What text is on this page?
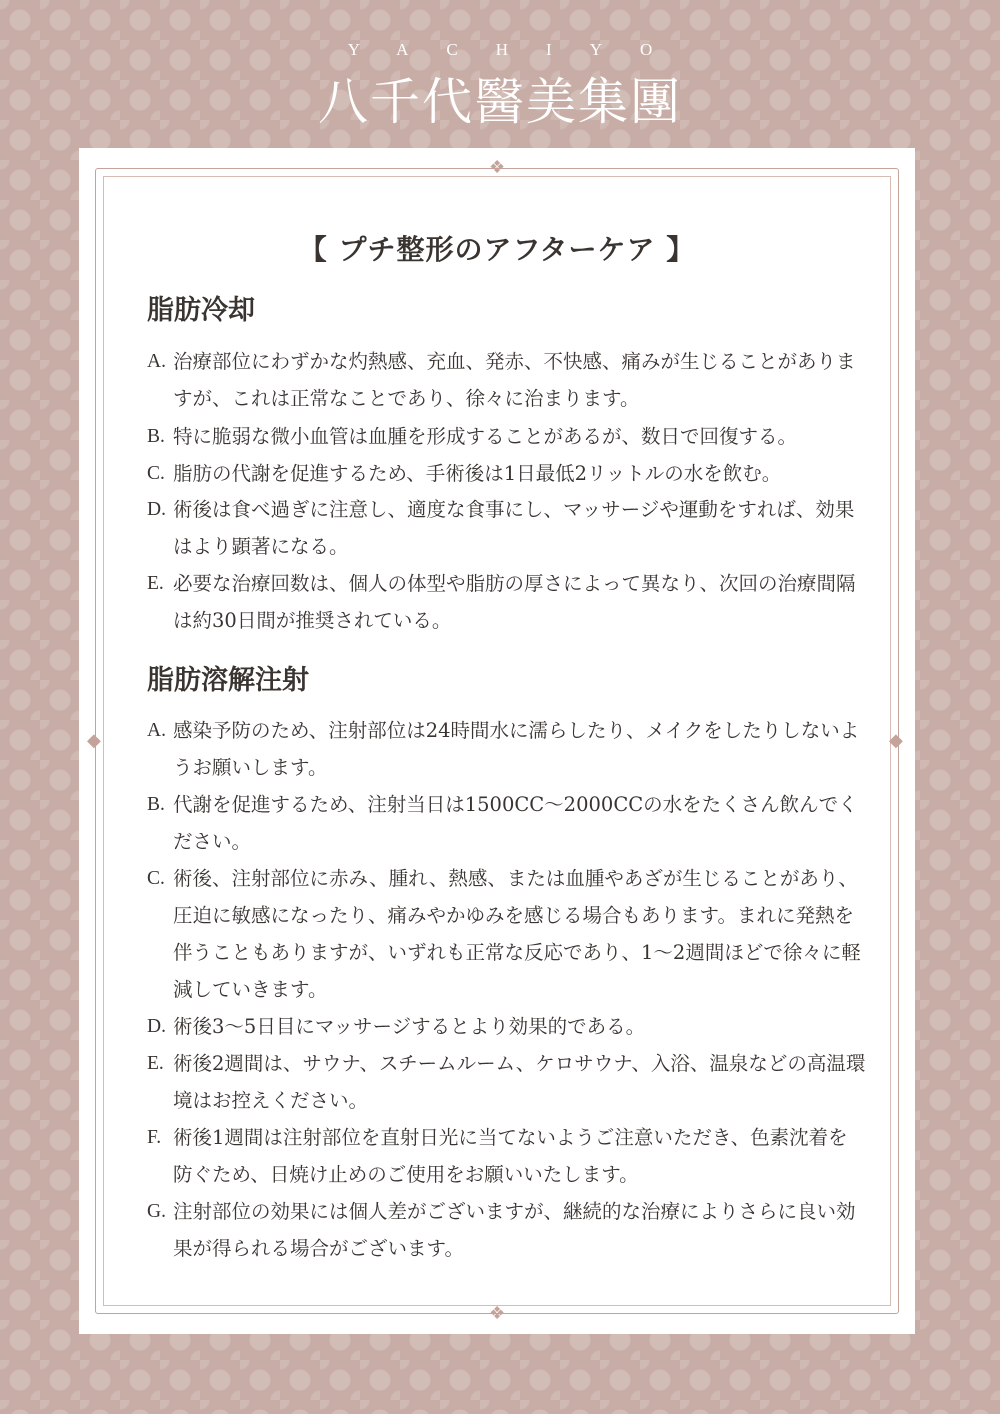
YACHIYO
八千代醫美集團
❖
❖
◆	◆
【 プチ整形のアフターケア 】
脂肪冷却
A. 治療部位にわずかな灼熱感、充血、発赤、不快感、痛みが生じることがありますが、これは正常なことであり、徐々に治まります。
B. 特に脆弱な微小血管は血腫を形成することがあるが、数日で回復する。
C. 脂肪の代謝を促進するため、手術後は1日最低2リットルの水を飲む。
D. 術後は食べ過ぎに注意し、適度な食事にし、マッサージや運動をすれば、効果はより顕著になる。
E. 必要な治療回数は、個人の体型や脂肪の厚さによって異なり、次回の治療間隔は約30日間が推奨されている。
脂肪溶解注射
A. 感染予防のため、注射部位は24時間水に濡らしたり、メイクをしたりしないようお願いします。
B. 代謝を促進するため、注射当日は1500CC～2000CCの水をたくさん飲んでください。
C. 術後、注射部位に赤み、腫れ、熱感、または血腫やあざが生じることがあり、圧迫に敏感になったり、痛みやかゆみを感じる場合もあります。まれに発熱を伴うこともありますが、いずれも正常な反応であり、1～2週間ほどで徐々に軽減していきます。
D. 術後3～5日目にマッサージするとより効果的である。
E. 術後2週間は、サウナ、スチームルーム、ケロサウナ、入浴、温泉などの高温環境はお控えください。
F. 術後1週間は注射部位を直射日光に当てないようご注意いただき、色素沈着を防ぐため、日焼け止めのご使用をお願いいたします。
G. 注射部位の効果には個人差がございますが、継続的な治療によりさらに良い効果が得られる場合がございます。
